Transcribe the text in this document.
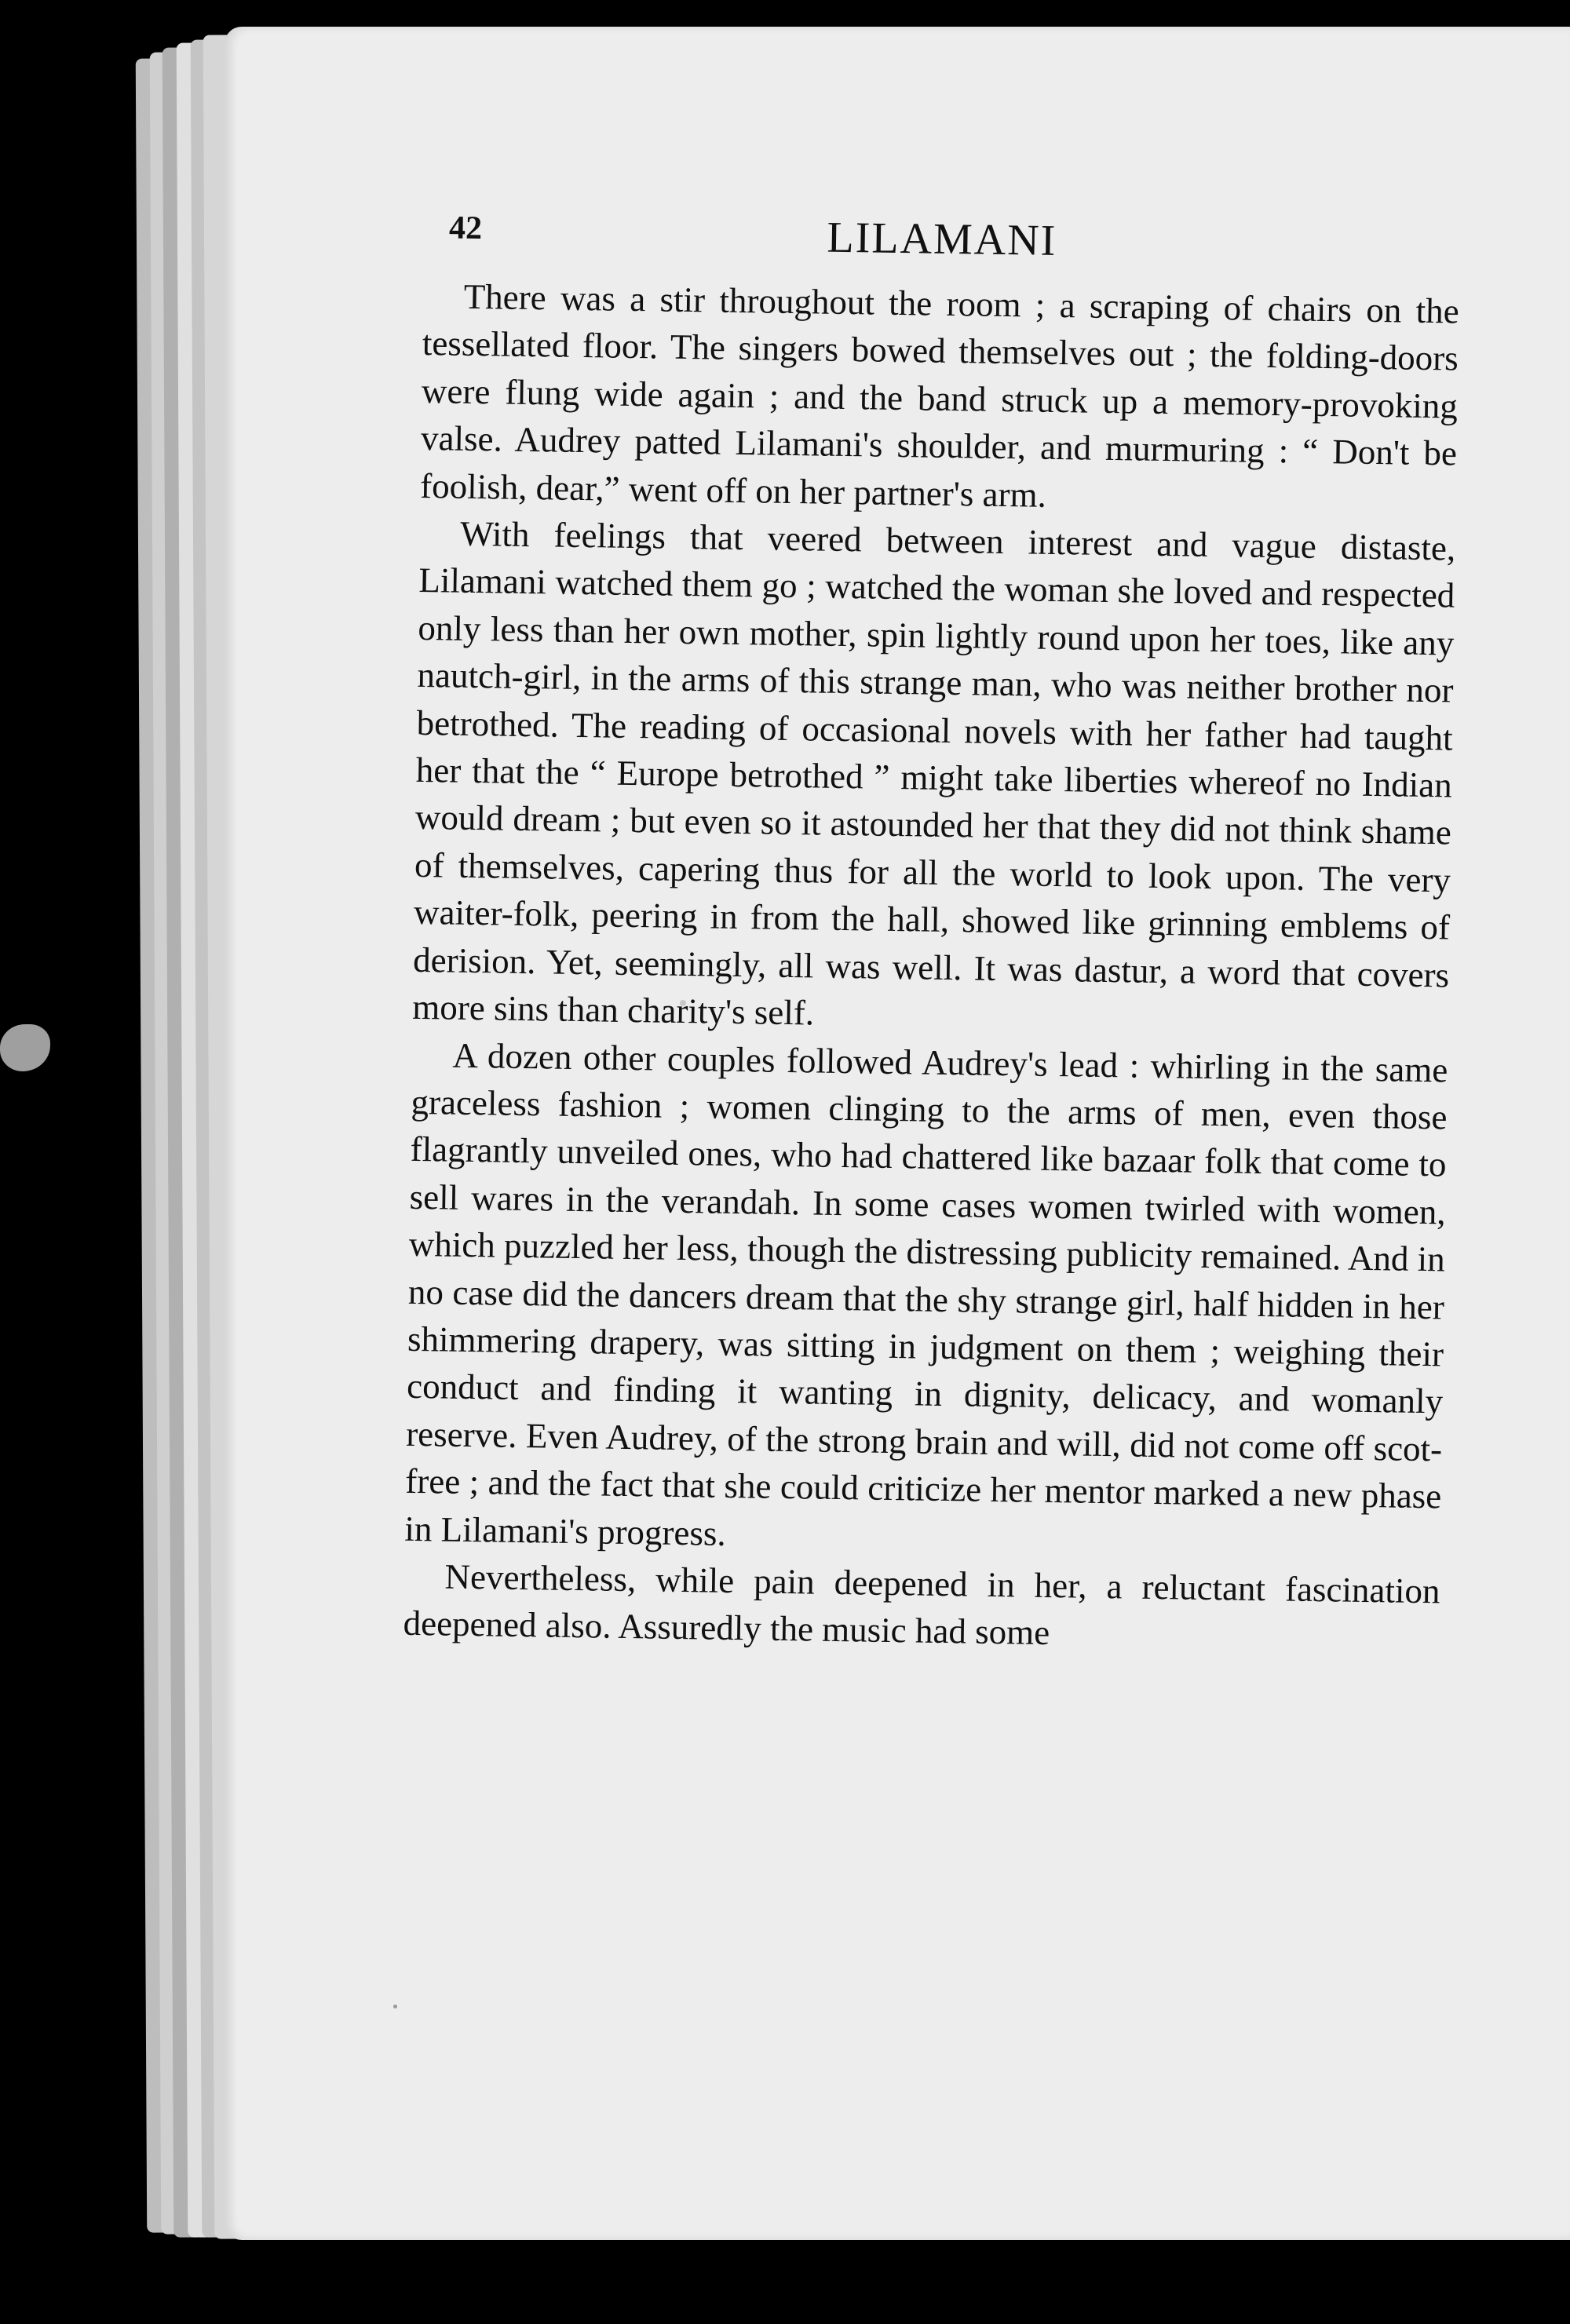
42	LILAMANI

There was a stir throughout the room ; a scraping of chairs on the tessellated floor. The singers bowed themselves out ; the folding-doors were flung wide again ; and the band struck up a memory-provoking valse. Audrey patted Lilamani's shoulder, and murmuring : “ Don't be foolish, dear,” went off on her partner's arm.

With feelings that veered between interest and vague distaste, Lilamani watched them go ; watched the woman she loved and respected only less than her own mother, spin lightly round upon her toes, like any nautch-girl, in the arms of this strange man, who was neither brother nor betrothed. The reading of occasional novels with her father had taught her that the “ Europe betrothed ” might take liberties whereof no Indian would dream ; but even so it astounded her that they did not think shame of themselves, capering thus for all the world to look upon. The very waiter-folk, peering in from the hall, showed like grinning emblems of derision. Yet, seemingly, all was well. It was dastur, a word that covers more sins than charity's self.

A dozen other couples followed Audrey's lead : whirling in the same graceless fashion ; women clinging to the arms of men, even those flagrantly unveiled ones, who had chattered like bazaar folk that come to sell wares in the verandah. In some cases women twirled with women, which puzzled her less, though the distressing publicity remained. And in no case did the dancers dream that the shy strange girl, half hidden in her shimmering drapery, was sitting in judgment on them ; weighing their conduct and finding it wanting in dignity, delicacy, and womanly reserve. Even Audrey, of the strong brain and will, did not come off scot-free ; and the fact that she could criticize her mentor marked a new phase in Lilamani's progress.

Nevertheless, while pain deepened in her, a reluctant fascination deepened also. Assuredly the music had some
